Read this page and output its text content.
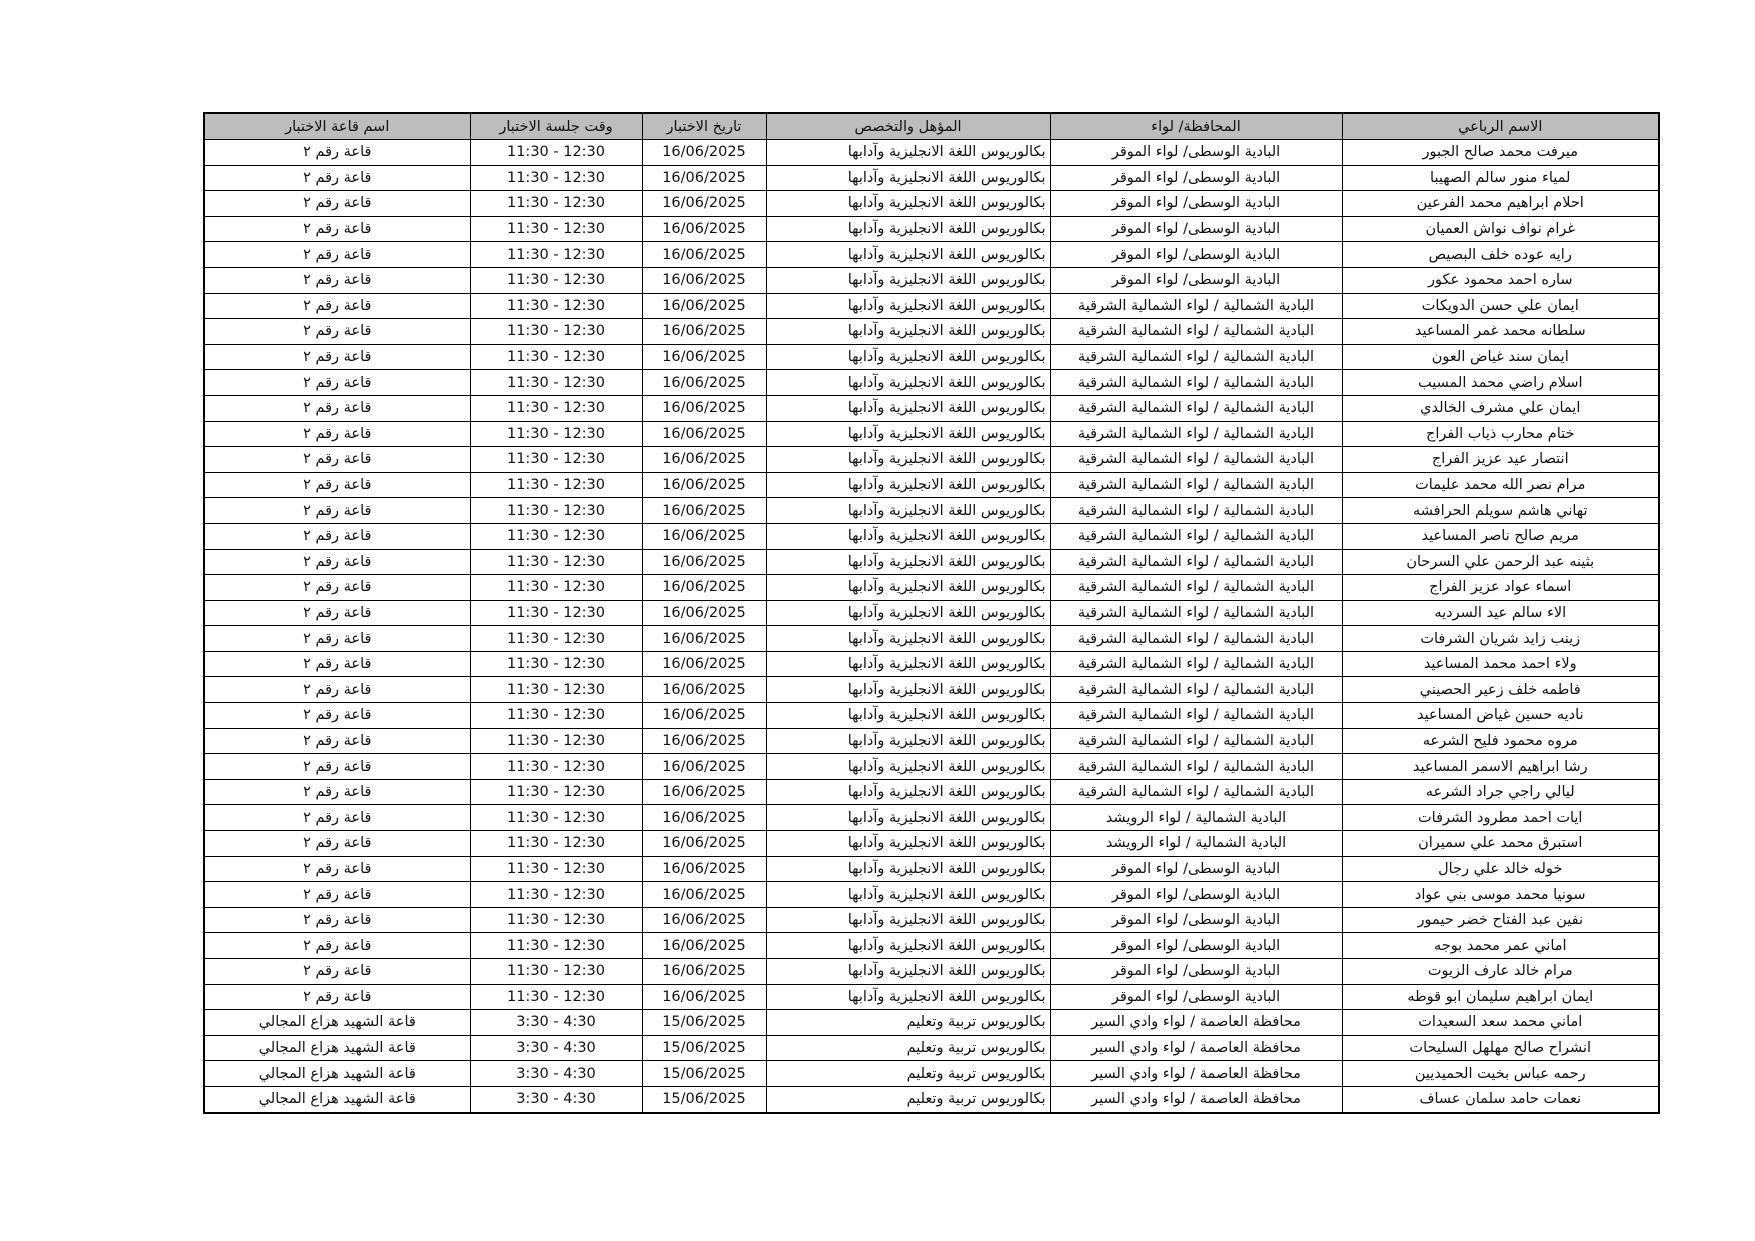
الاسم الرباعي	المحافظة/ لواء	المؤهل والتخصص	تاريخ الاختبار	وقت جلسة الاختبار	اسم قاعة الاختبار
ميرفت محمد صالح الجبور	البادية الوسطى/ لواء الموقر	بكالوريوس اللغة الانجليزية وآدابها	16/06/2025	11:30 - 12:30	قاعة رقم ٢
لمياء منور سالم الصهيبا	البادية الوسطى/ لواء الموقر	بكالوريوس اللغة الانجليزية وآدابها	16/06/2025	11:30 - 12:30	قاعة رقم ٢
احلام ابراهيم محمد الفرعين	البادية الوسطى/ لواء الموقر	بكالوريوس اللغة الانجليزية وآدابها	16/06/2025	11:30 - 12:30	قاعة رقم ٢
غرام نواف نواش العميان	البادية الوسطى/ لواء الموقر	بكالوريوس اللغة الانجليزية وآدابها	16/06/2025	11:30 - 12:30	قاعة رقم ٢
رايه عوده خلف البصيص	البادية الوسطى/ لواء الموقر	بكالوريوس اللغة الانجليزية وآدابها	16/06/2025	11:30 - 12:30	قاعة رقم ٢
ساره احمد محمود عكور	البادية الوسطى/ لواء الموقر	بكالوريوس اللغة الانجليزية وآدابها	16/06/2025	11:30 - 12:30	قاعة رقم ٢
ايمان علي حسن الدويكات	البادية الشمالية / لواء الشمالية الشرقية	بكالوريوس اللغة الانجليزية وآدابها	16/06/2025	11:30 - 12:30	قاعة رقم ٢
سلطانه محمد غمر المساعيد	البادية الشمالية / لواء الشمالية الشرقية	بكالوريوس اللغة الانجليزية وآدابها	16/06/2025	11:30 - 12:30	قاعة رقم ٢
ايمان سند غياض العون	البادية الشمالية / لواء الشمالية الشرقية	بكالوريوس اللغة الانجليزية وآدابها	16/06/2025	11:30 - 12:30	قاعة رقم ٢
اسلام راضي محمد المسيب	البادية الشمالية / لواء الشمالية الشرقية	بكالوريوس اللغة الانجليزية وآدابها	16/06/2025	11:30 - 12:30	قاعة رقم ٢
ايمان علي مشرف الخالدي	البادية الشمالية / لواء الشمالية الشرقية	بكالوريوس اللغة الانجليزية وآدابها	16/06/2025	11:30 - 12:30	قاعة رقم ٢
ختام محارب ذياب الفراج	البادية الشمالية / لواء الشمالية الشرقية	بكالوريوس اللغة الانجليزية وآدابها	16/06/2025	11:30 - 12:30	قاعة رقم ٢
انتصار عيد عزيز الفراج	البادية الشمالية / لواء الشمالية الشرقية	بكالوريوس اللغة الانجليزية وآدابها	16/06/2025	11:30 - 12:30	قاعة رقم ٢
مرام نصر الله محمد عليمات	البادية الشمالية / لواء الشمالية الشرقية	بكالوريوس اللغة الانجليزية وآدابها	16/06/2025	11:30 - 12:30	قاعة رقم ٢
تهاني هاشم سويلم الحرافشه	البادية الشمالية / لواء الشمالية الشرقية	بكالوريوس اللغة الانجليزية وآدابها	16/06/2025	11:30 - 12:30	قاعة رقم ٢
مريم صالح ناصر المساعيد	البادية الشمالية / لواء الشمالية الشرقية	بكالوريوس اللغة الانجليزية وآدابها	16/06/2025	11:30 - 12:30	قاعة رقم ٢
بثينه عبد الرحمن علي السرحان	البادية الشمالية / لواء الشمالية الشرقية	بكالوريوس اللغة الانجليزية وآدابها	16/06/2025	11:30 - 12:30	قاعة رقم ٢
اسماء عواد عزيز الفراج	البادية الشمالية / لواء الشمالية الشرقية	بكالوريوس اللغة الانجليزية وآدابها	16/06/2025	11:30 - 12:30	قاعة رقم ٢
الاء سالم عيد السرديه	البادية الشمالية / لواء الشمالية الشرقية	بكالوريوس اللغة الانجليزية وآدابها	16/06/2025	11:30 - 12:30	قاعة رقم ٢
زينب زايد شريان الشرفات	البادية الشمالية / لواء الشمالية الشرقية	بكالوريوس اللغة الانجليزية وآدابها	16/06/2025	11:30 - 12:30	قاعة رقم ٢
ولاء احمد محمد المساعيد	البادية الشمالية / لواء الشمالية الشرقية	بكالوريوس اللغة الانجليزية وآدابها	16/06/2025	11:30 - 12:30	قاعة رقم ٢
فاطمه خلف زعير الحصيني	البادية الشمالية / لواء الشمالية الشرقية	بكالوريوس اللغة الانجليزية وآدابها	16/06/2025	11:30 - 12:30	قاعة رقم ٢
ناديه حسين غياض المساعيد	البادية الشمالية / لواء الشمالية الشرقية	بكالوريوس اللغة الانجليزية وآدابها	16/06/2025	11:30 - 12:30	قاعة رقم ٢
مروه محمود فليح الشرعه	البادية الشمالية / لواء الشمالية الشرقية	بكالوريوس اللغة الانجليزية وآدابها	16/06/2025	11:30 - 12:30	قاعة رقم ٢
رشا ابراهيم الاسمر المساعيد	البادية الشمالية / لواء الشمالية الشرقية	بكالوريوس اللغة الانجليزية وآدابها	16/06/2025	11:30 - 12:30	قاعة رقم ٢
ليالي راجي جراد الشرعه	البادية الشمالية / لواء الشمالية الشرقية	بكالوريوس اللغة الانجليزية وآدابها	16/06/2025	11:30 - 12:30	قاعة رقم ٢
ايات احمد مطرود الشرفات	البادية الشمالية / لواء الرويشد	بكالوريوس اللغة الانجليزية وآدابها	16/06/2025	11:30 - 12:30	قاعة رقم ٢
استبرق محمد علي سميران	البادية الشمالية / لواء الرويشد	بكالوريوس اللغة الانجليزية وآدابها	16/06/2025	11:30 - 12:30	قاعة رقم ٢
خوله خالد علي رجال	البادية الوسطى/ لواء الموقر	بكالوريوس اللغة الانجليزية وآدابها	16/06/2025	11:30 - 12:30	قاعة رقم ٢
سونيا محمد موسى بني عواد	البادية الوسطى/ لواء الموقر	بكالوريوس اللغة الانجليزية وآدابها	16/06/2025	11:30 - 12:30	قاعة رقم ٢
نفين عبد الفتاح خضر حيمور	البادية الوسطى/ لواء الموقر	بكالوريوس اللغة الانجليزية وآدابها	16/06/2025	11:30 - 12:30	قاعة رقم ٢
اماني عمر محمد بوجه	البادية الوسطى/ لواء الموقر	بكالوريوس اللغة الانجليزية وآدابها	16/06/2025	11:30 - 12:30	قاعة رقم ٢
مرام خالد عارف الزيوت	البادية الوسطى/ لواء الموقر	بكالوريوس اللغة الانجليزية وآدابها	16/06/2025	11:30 - 12:30	قاعة رقم ٢
ايمان ابراهيم سليمان ابو قوطه	البادية الوسطى/ لواء الموقر	بكالوريوس اللغة الانجليزية وآدابها	16/06/2025	11:30 - 12:30	قاعة رقم ٢
اماني محمد سعد السعيدات	محافظة العاصمة / لواء وادي السير	بكالوريوس تربية وتعليم	15/06/2025	3:30 - 4:30	قاعة الشهيد هزاع المجالي
انشراح صالح مهلهل السليحات	محافظة العاصمة / لواء وادي السير	بكالوريوس تربية وتعليم	15/06/2025	3:30 - 4:30	قاعة الشهيد هزاع المجالي
رحمه عباس بخيت الحميديين	محافظة العاصمة / لواء وادي السير	بكالوريوس تربية وتعليم	15/06/2025	3:30 - 4:30	قاعة الشهيد هزاع المجالي
نعمات حامد سلمان عساف	محافظة العاصمة / لواء وادي السير	بكالوريوس تربية وتعليم	15/06/2025	3:30 - 4:30	قاعة الشهيد هزاع المجالي
